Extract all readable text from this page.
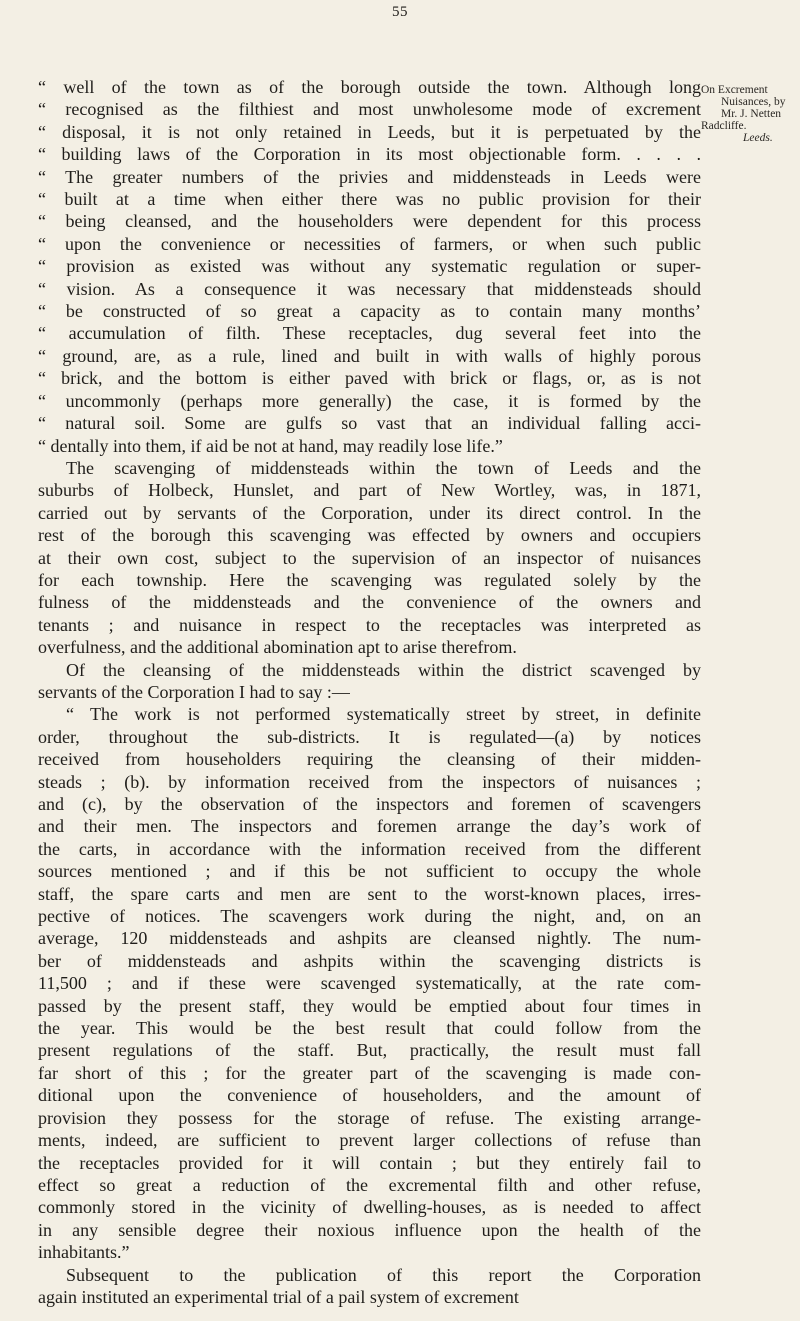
55

On Excrement

Nuisances, by

Mr. J. Netten

Radcliffe.

Leeds.

“ well of the town as of the borough outside the town. Although long
“ recognised as the filthiest and most unwholesome mode of excrement
“ disposal, it is not only retained in Leeds, but it is perpetuated by the
“ building laws of the Corporation in its most objectionable form. . . . .
“ The greater numbers of the privies and middensteads in Leeds were
“ built at a time when either there was no public provision for their
“ being cleansed, and the householders were dependent for this process
“ upon the convenience or necessities of farmers, or when such public
“ provision as existed was without any systematic regulation or super-
“ vision. As a consequence it was necessary that middensteads should
“ be constructed of so great a capacity as to contain many months’
“ accumulation of filth. These receptacles, dug several feet into the
“ ground, are, as a rule, lined and built in with walls of highly porous
“ brick, and the bottom is either paved with brick or flags, or, as is not
“ uncommonly (perhaps more generally) the case, it is formed by the
“ natural soil. Some are gulfs so vast that an individual falling acci-
“ dentally into them, if aid be not at hand, may readily lose life.”
The scavenging of middensteads within the town of Leeds and the
suburbs of Holbeck, Hunslet, and part of New Wortley, was, in 1871,
carried out by servants of the Corporation, under its direct control. In the
rest of the borough this scavenging was effected by owners and occupiers
at their own cost, subject to the supervision of an inspector of nuisances
for each township. Here the scavenging was regulated solely by the
fulness of the middensteads and the convenience of the owners and
tenants ; and nuisance in respect to the receptacles was interpreted as
overfulness, and the additional abomination apt to arise therefrom.
Of the cleansing of the middensteads within the district scavenged by
servants of the Corporation I had to say :—
“ The work is not performed systematically street by street, in definite
order, throughout the sub-districts. It is regulated—(a) by notices
received from householders requiring the cleansing of their midden-
steads ; (b). by information received from the inspectors of nuisances ;
and (c), by the observation of the inspectors and foremen of scavengers
and their men. The inspectors and foremen arrange the day’s work of
the carts, in accordance with the information received from the different
sources mentioned ; and if this be not sufficient to occupy the whole
staff, the spare carts and men are sent to the worst-known places, irres-
pective of notices. The scavengers work during the night, and, on an
average, 120 middensteads and ashpits are cleansed nightly. The num-
ber of middensteads and ashpits within the scavenging districts is
11,500 ; and if these were scavenged systematically, at the rate com-
passed by the present staff, they would be emptied about four times in
the year. This would be the best result that could follow from the
present regulations of the staff. But, practically, the result must fall
far short of this ; for the greater part of the scavenging is made con-
ditional upon the convenience of householders, and the amount of
provision they possess for the storage of refuse. The existing arrange-
ments, indeed, are sufficient to prevent larger collections of refuse than
the receptacles provided for it will contain ; but they entirely fail to
effect so great a reduction of the excremental filth and other refuse,
commonly stored in the vicinity of dwelling-houses, as is needed to affect
in any sensible degree their noxious influence upon the health of the
inhabitants.”
Subsequent to the publication of this report the Corporation
again instituted an experimental trial of a pail system of excrement
